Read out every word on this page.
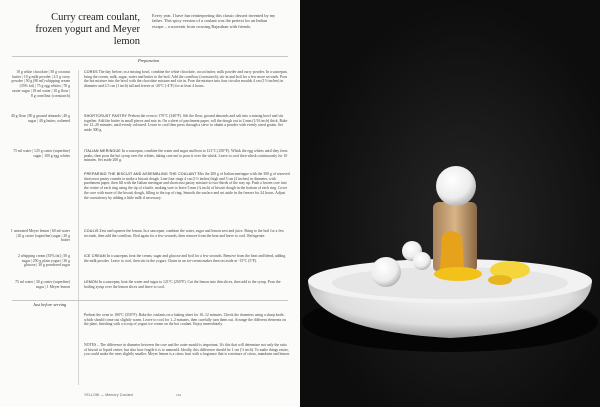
Curry cream coulant, frozen yogurt and Meyer lemon
Every year, I have fun reinterpreting this classic dessert invented by my father. This spicy version of a coulant was the pretext for an Indian escape – a souvenir from crossing Rajasthan with friends.
Preparation
10 g white chocolate | 50 g coconut butter | 10 g milk powder | 2.5 g curry powder | 50 g (80 ml) whipping cream (35% fat) | 75 g egg whites | 70 g caster sugar | 18 ml water | 10 g flour | 8 g cornflour (cornstarch)
CORES The day before, in a mixing bowl, combine the white chocolate, cocoa butter, milk powder and curry powder. In a saucepan, bring the cream, milk, sugar, water and butter to the boil. Add the cornflour (cornstarch), stir in and boil for a few more seconds. Pour the hot mixture into the bowl with the chocolate mixture and stir in. Pour the mixture into four circular moulds 4 cm (1½ inches) in diameter and 2.5 cm (1 inch) tall and freeze at -20°C (-4°F) for at least 4 hours.
40 g flour | 80 g ground almonds | 40 g sugar | 40 g butter, softened
SHORTCRUST PASTRY Preheat the oven to 170°C (340°F). Sift the flour, ground almonds and salt into a mixing bowl and stir together. Add the butter in small pieces and mix in. On a sheet of parchment paper, roll the dough out to 2 mm (1/16 inch) thick. Bake for 12–20 minutes, until evenly coloured. Leave to cool then press through a sieve to obtain a powder with evenly sized grains. Set aside 300 g.
75 ml water | 125 g caster (superfine) sugar | 100 g egg whites
ITALIAN MERINGUE In a saucepan, combine the water and sugar and heat to 121°C (250°F). Whisk the egg whites until they form peaks, then pour the hot syrup over the whites, taking care not to pour it over the whisk. Leave to cool then whisk continuously for 10 minutes. Set aside 200 g.
PREPARING THE BISCUIT AND ASSEMBLING THE COULANT Mix the 200 g of Italian meringue with the 300 g of reserved shortcrust pastry crumbs to make a biscuit dough. Line four rings 4 cm (1½ inches) high and 5 cm (2 inches) in diameter, with parchment paper, then fill with the Italian meringue and shortcrust pastry mixture to two-thirds of the way up. Push a frozen core into the centre of each ring using the tip of a knife, making sure to leave 5 mm (¼ inch) of biscuit dough in the bottom of each ring. Cover the core with more of the biscuit dough, filling to the top of ring. Smooth the surface and set aside in the freezer for 24 hours. Adjust the consistency by adding a little milk if necessary.
1 untreated Meyer lemon | 60 ml water | 20 g caster (superfine) sugar | 20 g butter
COULIS Zest and squeeze the lemon. In a saucepan, combine the water, sugar and lemon zest and juice. Bring to the boil for a few seconds, then add the cornflour. Boil again for a few seconds, then remove from the heat and leave to cool. Refrigerate.
2 whipping cream (35% fat) | 50 g sugar | 250 g plain yogurt | 30 g glucose | 30 g powdered sugar
ICE CREAM In a saucepan, heat the cream, sugar and glucose and boil for a few seconds. Remove from the heat and blend, adding the milk powder. Leave to cool, then stir in the yogurt. Churn in an ice-cream maker then set aside at -15°C (5°F).
75 ml water | 30 g caster (superfine) sugar | 1 Meyer lemon
LEMON In a saucepan, heat the water and sugar to 121°C (250°F). Cut the lemon into thin slices, then add to the syrup. Pour the boiling syrup over the lemon slices and leave to cool.
Just before serving
Preheat the oven to 180°C (350°F). Bake the coulants on a baking sheet for 10–12 minutes. Check the doneness using a sharp knife, which should come out slightly warm. Leave to cool for 1–2 minutes, then carefully turn them out. Arrange the different elements on the plate, finishing with a scoop of yogurt ice cream on the hot coulant. Enjoy immediately.
NOTES – The difference in diameter between the core and the outer mould is important. It's this that will determine not only the ratio of biscuit to liquid centre, but also how fragile it is to unmould. Ideally, this difference should be 1 cm (½ inch). To make things easier, you could make the ones slightly smaller. Meyer lemon is a citrus fruit with a fragrance that is a mixture of citrus, mandarin and lemon.
YELLOW — Memory Coulant	161
